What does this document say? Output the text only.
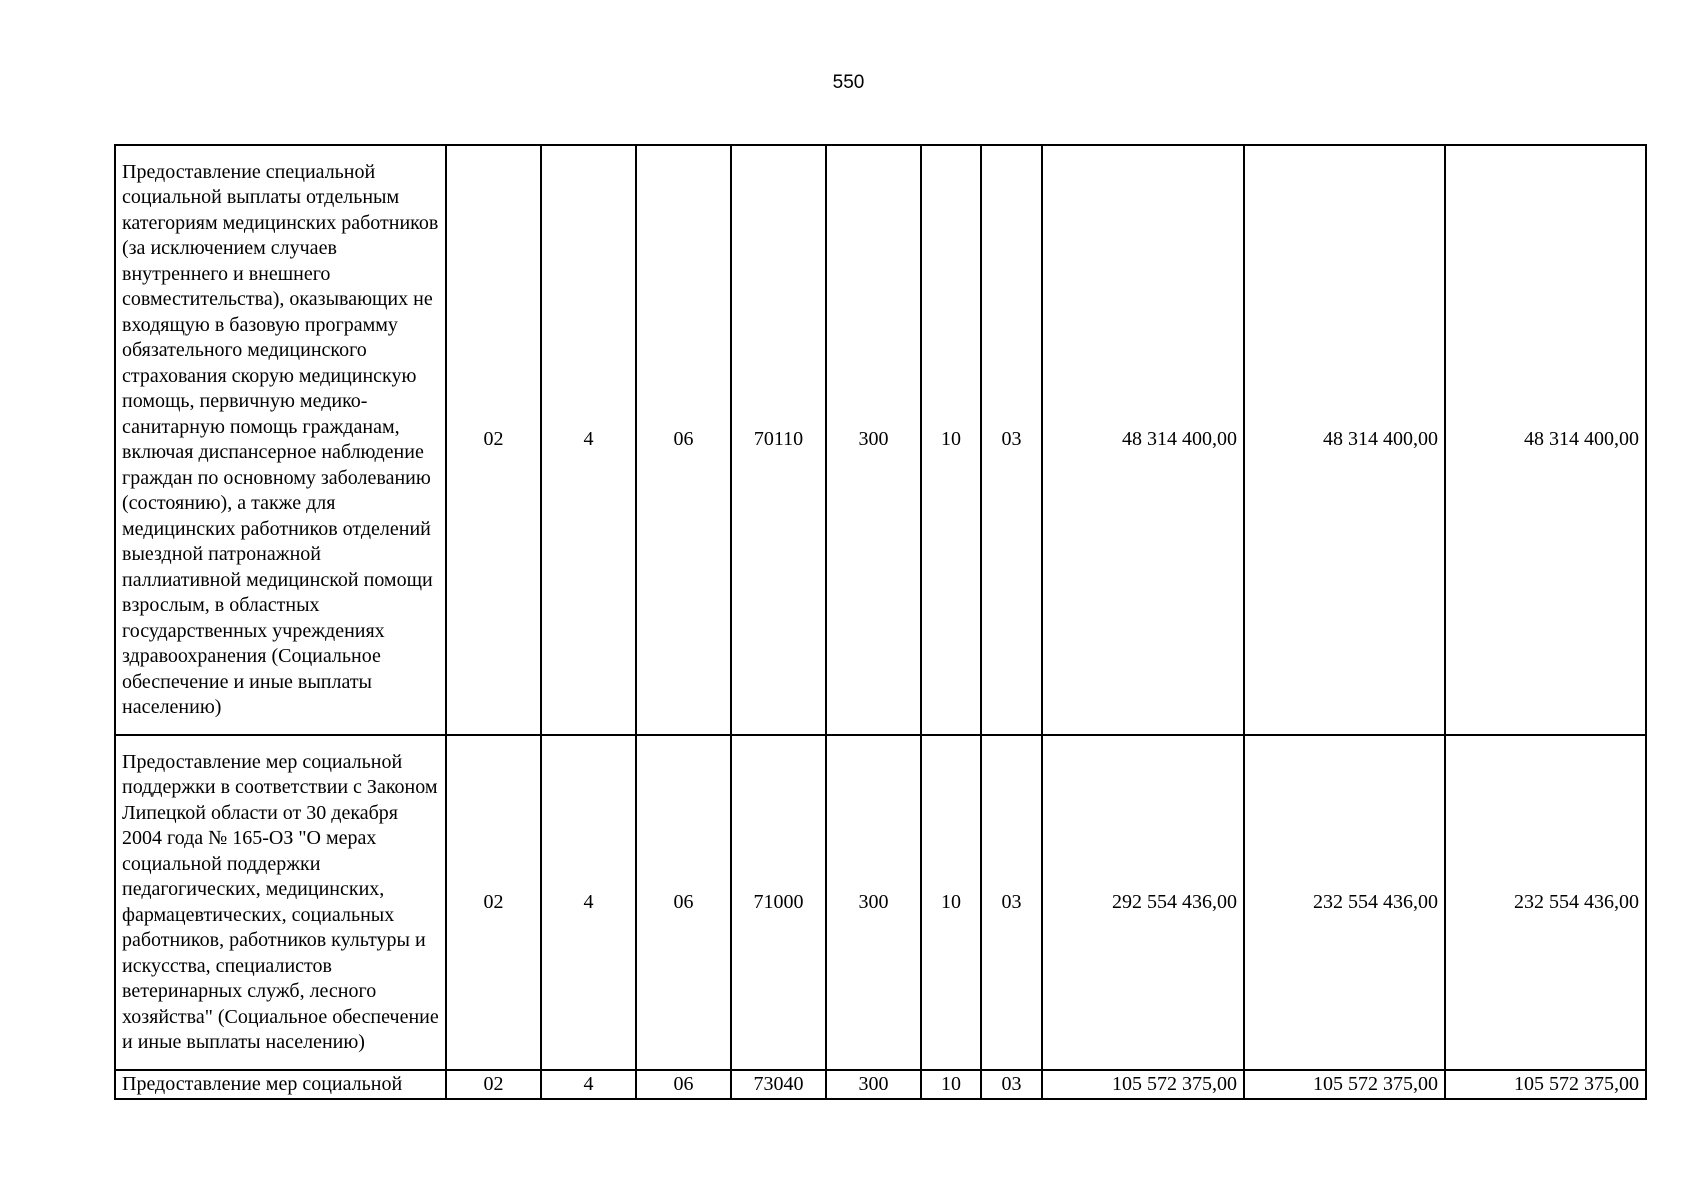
550
Предоставление специальной социальной выплаты отдельным категориям медицинских работников (за исключением случаев внутреннего и внешнего совместительства), оказывающих не входящую в базовую программу обязательного медицинского страхования скорую медицинскую помощь, первичную медико-санитарную помощь гражданам, включая диспансерное наблюдение граждан по основному заболеванию (состоянию), а также для медицинских работников отделений выездной патронажной паллиативной медицинской помощи взрослым, в областных государственных учреждениях здравоохранения (Социальное обеспечение и иные выплаты населению)	02	4	06	70110	300	10	03	48 314 400,00	48 314 400,00	48 314 400,00
Предоставление мер социальной поддержки в соответствии с Законом Липецкой области от 30 декабря 2004 года № 165-ОЗ "О мерах социальной поддержки педагогических, медицинских, фармацевтических, социальных работников, работников культуры и искусства, специалистов ветеринарных служб, лесного хозяйства" (Социальное обеспечение и иные выплаты населению)	02	4	06	71000	300	10	03	292 554 436,00	232 554 436,00	232 554 436,00
Предоставление мер социальной	02	4	06	73040	300	10	03	105 572 375,00	105 572 375,00	105 572 375,00
